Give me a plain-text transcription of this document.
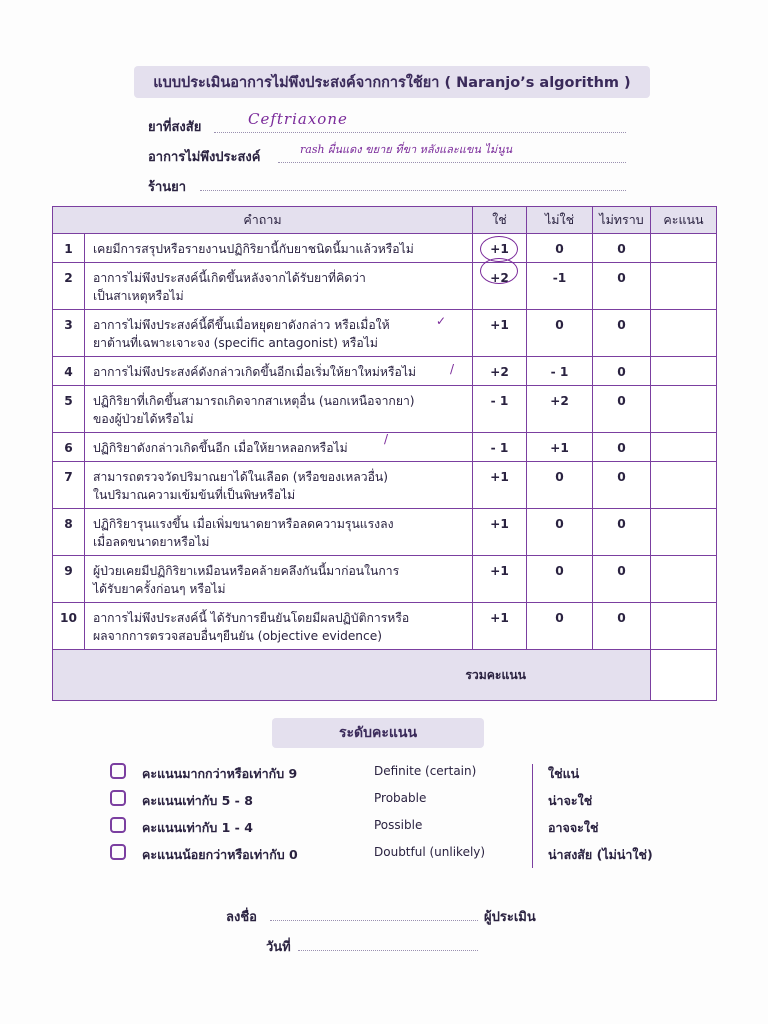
แบบประเมินอาการไม่พึงประสงค์จากการใช้ยา ( Naranjo’s algorithm )
ยาที่สงสัย	Ceftriaxone
อาการไม่พึงประสงค์
rash ผื่นแดง ขยาย ที่ขา หลังและแขน ไม่นูน
ร้านยา
คำถาม		ใช่	ไม่ใช่	ไม่ทราบ	คะแนน
1	เคยมีการสรุปหรือรายงานปฏิกิริยานี้กับยาชนิดนี้มาแล้วหรือไม่	+1	0	0	
2	อาการไม่พึงประสงค์นี้เกิดขึ้นหลังจากได้รับยาที่คิดว่า
เป็นสาเหตุหรือไม่	+2	-1	0	
3	อาการไม่พึงประสงค์นี้ดีขึ้นเมื่อหยุดยาดังกล่าว หรือเมื่อให้
ยาต้านที่เฉพาะเจาะจง (specific antagonist) หรือไม่	+1	0	0	
4	อาการไม่พึงประสงค์ดังกล่าวเกิดขึ้นอีกเมื่อเริ่มให้ยาใหม่หรือไม่	+2	- 1	0	
5	ปฏิกิริยาที่เกิดขึ้นสามารถเกิดจากสาเหตุอื่น (นอกเหนือจากยา)
ของผู้ป่วยได้หรือไม่	- 1	+2	0	
6	ปฏิกิริยาดังกล่าวเกิดขึ้นอีก เมื่อให้ยาหลอกหรือไม่	- 1	+1	0	
7	สามารถตรวจวัดปริมาณยาได้ในเลือด (หรือของเหลวอื่น)
ในปริมาณความเข้มข้นที่เป็นพิษหรือไม่	+1	0	0	
8	ปฏิกิริยารุนแรงขึ้น เมื่อเพิ่มขนาดยาหรือลดความรุนแรงลง
เมื่อลดขนาดยาหรือไม่	+1	0	0	
9	ผู้ป่วยเคยมีปฏิกิริยาเหมือนหรือคล้ายคลึงกันนี้มาก่อนในการ
ได้รับยาครั้งก่อนๆ หรือไม่	+1	0	0	
10	อาการไม่พึงประสงค์นี้ ได้รับการยืนยันโดยมีผลปฏิบัติการหรือ
ผลจากการตรวจสอบอื่นๆยืนยัน (objective evidence)	+1	0	0	
รวมคะแนน					
✓
/
/
ระดับคะแนน
คะแนนมากกว่าหรือเท่ากับ 9	Definite (certain)	ใช่แน่
คะแนนเท่ากับ 5 - 8	Probable	น่าจะใช่
คะแนนเท่ากับ 1 - 4	Possible	อาจจะใช่
คะแนนน้อยกว่าหรือเท่ากับ 0	Doubtful (unlikely)	น่าสงสัย (ไม่น่าใช่)
ลงชื่อ	ผู้ประเมิน
วันที่
